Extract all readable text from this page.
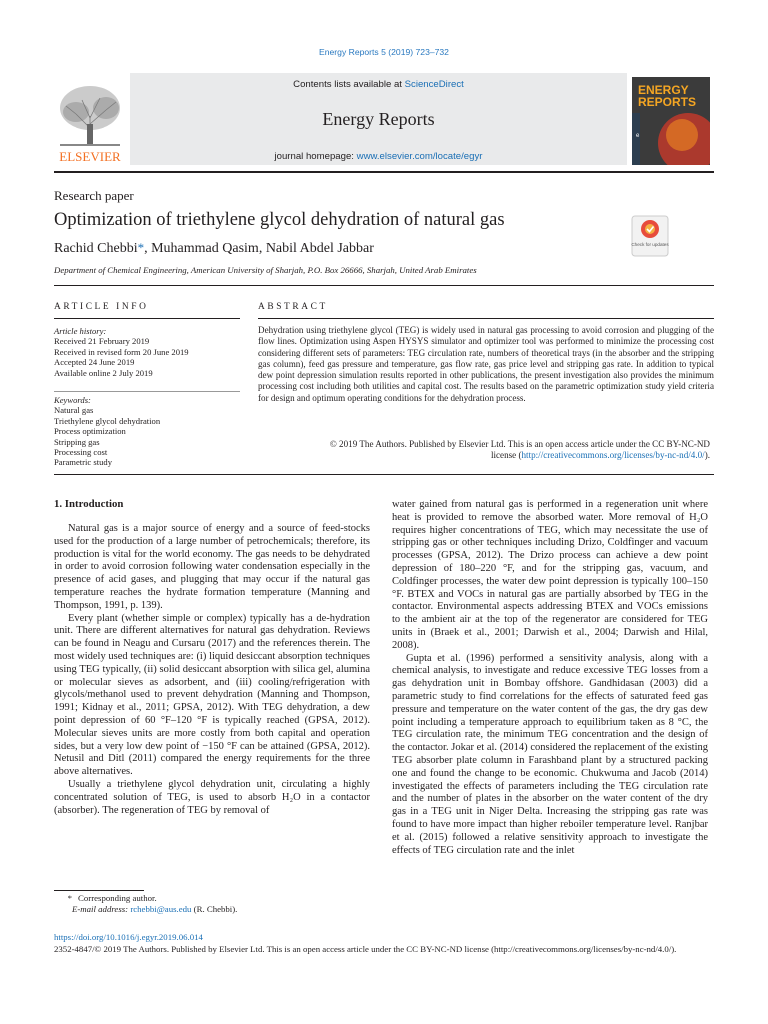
Energy Reports 5 (2019) 723–732
ELSEVIER
Contents lists available at ScienceDirect
Energy Reports
journal homepage: www.elsevier.com/locate/egyr
ENERGY
REPORTS
e
Research paper
Optimization of triethylene glycol dehydration of natural gas
Rachid Chebbi*, Muhammad Qasim, Nabil Abdel Jabbar
Department of Chemical Engineering, American University of Sharjah, P.O. Box 26666, Sharjah, United Arab Emirates
Check for updates
ARTICLE INFO	ABSTRACT
Article history:
Received 21 February 2019
Received in revised form 20 June 2019
Accepted 24 June 2019
Available online 2 July 2019
Keywords:
Natural gas
Triethylene glycol dehydration
Process optimization
Stripping gas
Processing cost
Parametric study
Dehydration using triethylene glycol (TEG) is widely used in natural gas processing to avoid corrosion and plugging of the flow lines. Optimization using Aspen HYSYS simulator and optimizer tool was performed to minimize the processing cost considering different sets of parameters: TEG circulation rate, numbers of theoretical trays (in the absorber and the stripping gas column), feed gas pressure and temperature, gas flow rate, gas price level and stripping gas rate. In addition to typical dew point depression simulation results reported in other publications, the present investigation also provides the minimum processing cost including both utilities and capital cost. The results based on the parametric optimization study yield criteria for design and optimum operating conditions for the dehydration process.
© 2019 The Authors. Published by Elsevier Ltd. This is an open access article under the CC BY-NC-ND
license (http://creativecommons.org/licenses/by-nc-nd/4.0/).
1. Introduction

Natural gas is a major source of energy and a source of feed-stocks used for the production of a large number of petrochemicals; therefore, its production is vital for the world economy. The gas needs to be dehydrated in order to avoid corrosion following water condensation especially in the presence of acid gases, and plugging that may occur if the natural gas temperature reaches the hydrate formation temperature (Manning and Thompson, 1991, p. 139).

Every plant (whether simple or complex) typically has a de-hydration unit. There are different alternatives for natural gas dehydration. Reviews can be found in Neagu and Cursaru (2017) and the references therein. The most widely used techniques are: (i) liquid desiccant absorption techniques using TEG typically, (ii) solid desiccant absorption with silica gel, alumina or molecular sieves as adsorbent, and (iii) cooling/refrigeration with glycols/methanol used to prevent dehydration (Manning and Thompson, 1991; Kidnay et al., 2011; GPSA, 2012). With TEG dehydration, a dew point depression of 60 °F–120 °F is typically reached (GPSA, 2012). Molecular sieves units are more costly from both capital and operation sides, but a very low dew point of −150 °F can be attained (GPSA, 2012). Netusil and Ditl (2011) compared the energy requirements for the three above alternatives.

Usually a triethylene glycol dehydration unit, circulating a highly concentrated solution of TEG, is used to absorb H₂O in a contactor (absorber). The regeneration of TEG by removal of

water gained from natural gas is performed in a regeneration unit where heat is provided to remove the absorbed water. More removal of H₂O requires higher concentrations of TEG, which may necessitate the use of stripping gas or other techniques including Drizo, Coldfinger and vacuum processes (GPSA, 2012). The Drizo process can achieve a dew point depression of 180–220 °F, and for the stripping gas, vacuum, and Coldfinger processes, the water dew point depression is typically 100–150 °F. BTEX and VOCs in natural gas are partially absorbed by TEG in the contactor. Environmental aspects addressing BTEX and VOCs emissions to the ambient air at the top of the regenerator are considered for TEG units in (Braek et al., 2001; Darwish et al., 2004; Darwish and Hilal, 2008).

Gupta et al. (1996) performed a sensitivity analysis, along with a chemical analysis, to investigate and reduce excessive TEG losses from a gas dehydration unit in Bombay offshore. Gandhidasan (2003) did a parametric study to find correlations for the effects of saturated feed gas pressure and temperature on the water content of the gas, the dry gas dew point including a temperature approach to equilibrium taken as 8 °C, the TEG circulation rate, the minimum TEG concentration and the design of the contactor. Jokar et al. (2014) considered the replacement of the existing TEG absorber plate column in Farashband plant by a structured packing one and found the change to be economic. Chukwuma and Jacob (2014) investigated the effects of parameters including the TEG circulation rate and the number of plates in the absorber on the water content of the dry gas in a TEG unit in Niger Delta. Increasing the stripping gas rate was found to have more impact than higher reboiler temperature level. Ranjbar et al. (2015) followed a relative sensitivity approach to investigate the effects of TEG circulation rate and the inlet

* Corresponding author.
E-mail address: rchebbi@aus.edu (R. Chebbi).
https://doi.org/10.1016/j.egyr.2019.06.014
2352-4847/© 2019 The Authors. Published by Elsevier Ltd. This is an open access article under the CC BY-NC-ND license (http://creativecommons.org/licenses/by-nc-nd/4.0/).
